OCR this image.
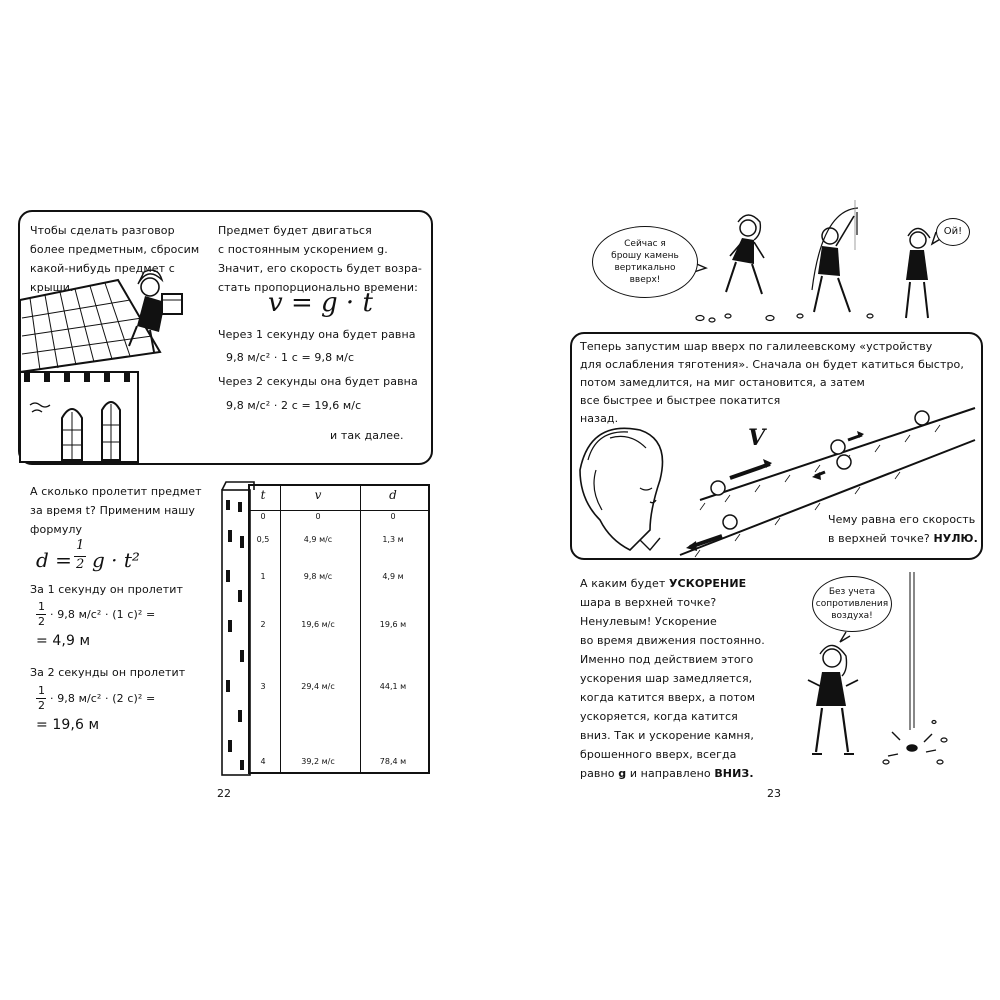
Чтобы сделать разговор
более предметным, сбросим
какой-нибудь предмет с крыши.
Предмет будет двигаться
с постоянным ускорением g.
Значит, его скорость будет возра-
стать пропорционально времени:
v = g · t
Через 1 секунду она будет равна
9,8 м/с² · 1 с = 9,8 м/с
Через 2 секунды она будет равна
9,8 м/с² · 2 с = 19,6 м/с
и так далее.
А сколько пролетит предмет
за время t? Применим нашу
формулу
d =
1
2 g · t²
За 1 секунду он пролетит
1
2
· 9,8 м/с² · (1 с)² =
= 4,9 м
За 2 секунды он пролетит
1
2
· 9,8 м/с² · (2 с)² =
= 19,6 м
t	v	d
0	0	0
0,5	4,9 м/с	1,3 м
1	9,8 м/с	4,9 м
2	19,6 м/с	19,6 м
3	29,4 м/с	44,1 м
4	39,2 м/с	78,4 м
22
Сейчас я
брошу камень
вертикально
вверх!
Ой!
Теперь запустим шар вверх по галилеевскому «устройству
для ослабления тяготения». Сначала он будет катиться быстро,
потом замедлится, на миг остановится, а затем
все быстрее и быстрее покатится
назад.
V
Чему равна его скорость
в верхней точке? НУЛЮ.
А каким будет УСКОРЕНИЕ
шара в верхней точке?
Ненулевым! Ускорение
во время движения постоянно.
Именно под действием этого
ускорения шар замедляется,
когда катится вверх, а потом
ускоряется, когда катится
вниз. Так и ускорение камня,
брошенного вверх, всегда
равно g и направлено ВНИЗ.
Без учета
сопротивления
воздуха!
23
